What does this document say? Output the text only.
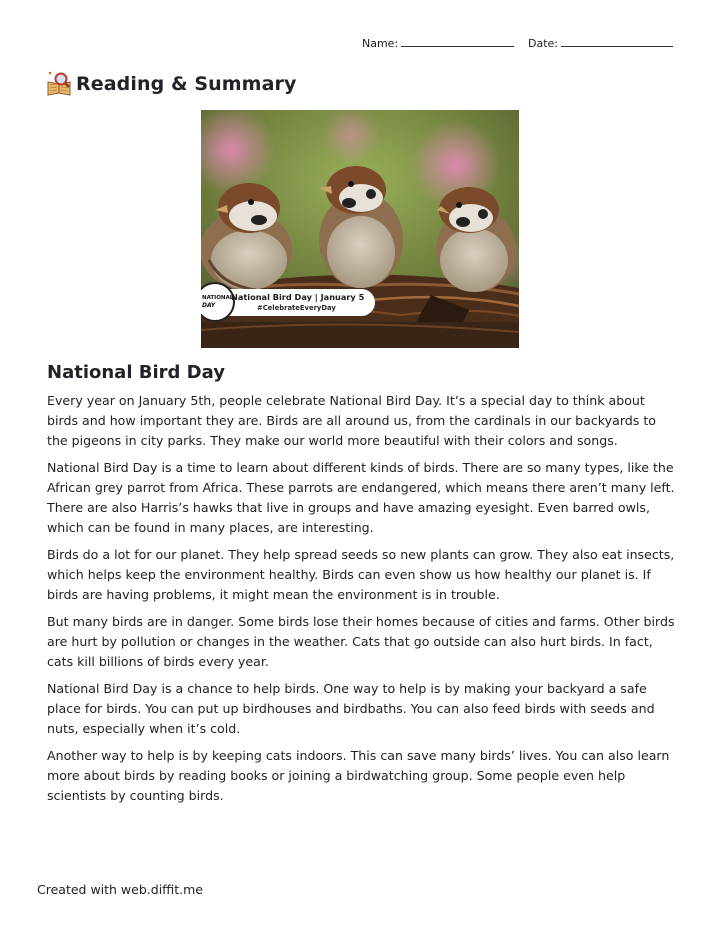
Name:	Date:
Reading & Summary
NATIONAL
DAY
National Bird Day | January 5
#CelebrateEveryDay
National Bird Day

Every year on January 5th, people celebrate National Bird Day. It’s a special day to think about birds and how important they are. Birds are all around us, from the cardinals in our backyards to the pigeons in city parks. They make our world more beautiful with their colors and songs.

National Bird Day is a time to learn about different kinds of birds. There are so many types, like the African grey parrot from Africa. These parrots are endangered, which means there aren’t many left. There are also Harris’s hawks that live in groups and have amazing eyesight. Even barred owls, which can be found in many places, are interesting.

Birds do a lot for our planet. They help spread seeds so new plants can grow. They also eat insects, which helps keep the environment healthy. Birds can even show us how healthy our planet is. If birds are having problems, it might mean the environment is in trouble.

But many birds are in danger. Some birds lose their homes because of cities and farms. Other birds are hurt by pollution or changes in the weather. Cats that go outside can also hurt birds. In fact, cats kill billions of birds every year.

National Bird Day is a chance to help birds. One way to help is by making your backyard a safe place for birds. You can put up birdhouses and birdbaths. You can also feed birds with seeds and nuts, especially when it’s cold.

Another way to help is by keeping cats indoors. This can save many birds’ lives. You can also learn more about birds by reading books or joining a birdwatching group. Some people even help scientists by counting birds.

Created with web.diffit.me
